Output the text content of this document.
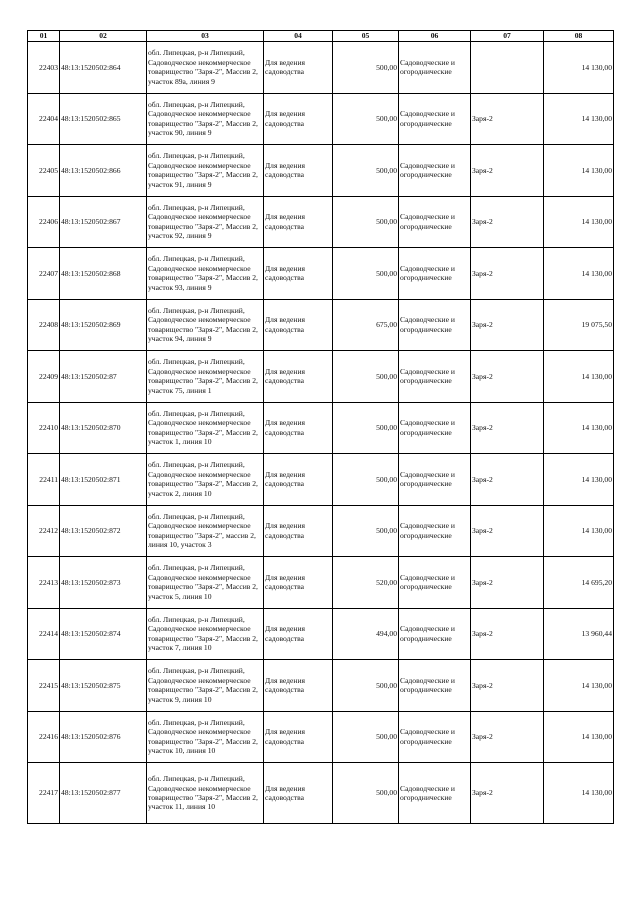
01	02	03	04	05	06	07	08
22403	48:13:1520502:864	обл. Липецкая, р-н Липецкий, Садоводческое некоммерческое товарищество "Заря-2", Массив 2, участок 89а, линия 9	Для ведения садоводства	500,00	Садоводческие и огороднические		14 130,00
22404	48:13:1520502:865	обл. Липецкая, р-н Липецкий, Садоводческое некоммерческое товарищество "Заря-2", Массив 2, участок 90, линия 9	Для ведения садоводства	500,00	Садоводческие и огороднические	Заря-2	14 130,00
22405	48:13:1520502:866	обл. Липецкая, р-н Липецкий, Садоводческое некоммерческое товарищество "Заря-2", Массив 2, участок 91, линия 9	Для ведения садоводства	500,00	Садоводческие и огороднические	Заря-2	14 130,00
22406	48:13:1520502:867	обл. Липецкая, р-н Липецкий, Садоводческое некоммерческое товарищество "Заря-2", Массив 2, участок 92, линия 9	Для ведения садоводства	500,00	Садоводческие и огороднические	Заря-2	14 130,00
22407	48:13:1520502:868	обл. Липецкая, р-н Липецкий, Садоводческое некоммерческое товарищество "Заря-2", Массив 2, участок 93, линия 9	Для ведения садоводства	500,00	Садоводческие и огороднические	Заря-2	14 130,00
22408	48:13:1520502:869	обл. Липецкая, р-н Липецкий, Садоводческое некоммерческое товарищество "Заря-2", Массив 2, участок 94, линия 9	Для ведения садоводства	675,00	Садоводческие и огороднические	Заря-2	19 075,50
22409	48:13:1520502:87	обл. Липецкая, р-н Липецкий, Садоводческое некоммерческое товарищество "Заря-2", Массив 2, участок 75, линия 1	Для ведения садоводства	500,00	Садоводческие и огороднические	Заря-2	14 130,00
22410	48:13:1520502:870	обл. Липецкая, р-н Липецкий, Садоводческое некоммерческое товарищество "Заря-2", Массив 2, участок 1, линия 10	Для ведения садоводства	500,00	Садоводческие и огороднические	Заря-2	14 130,00
22411	48:13:1520502:871	обл. Липецкая, р-н Липецкий, Садоводческое некоммерческое товарищество "Заря-2", Массив 2, участок 2, линия 10	Для ведения садоводства	500,00	Садоводческие и огороднические	Заря-2	14 130,00
22412	48:13:1520502:872	обл. Липецкая, р-н Липецкий, Садоводческое некоммерческое товарищество "Заря-2", массив 2, линия 10, участок 3	Для ведения садоводства	500,00	Садоводческие и огороднические	Заря-2	14 130,00
22413	48:13:1520502:873	обл. Липецкая, р-н Липецкий, Садоводческое некоммерческое товарищество "Заря-2", Массив 2, участок 5, линия 10	Для ведения садоводства	520,00	Садоводческие и огороднические	Заря-2	14 695,20
22414	48:13:1520502:874	обл. Липецкая, р-н Липецкий, Садоводческое некоммерческое товарищество "Заря-2", Массив 2, участок 7, линия 10	Для ведения садоводства	494,00	Садоводческие и огороднические	Заря-2	13 960,44
22415	48:13:1520502:875	обл. Липецкая, р-н Липецкий, Садоводческое некоммерческое товарищество "Заря-2", Массив 2, участок 9, линия 10	Для ведения садоводства	500,00	Садоводческие и огороднические	Заря-2	14 130,00
22416	48:13:1520502:876	обл. Липецкая, р-н Липецкий, Садоводческое некоммерческое товарищество "Заря-2", Массив 2, участок 10, линия 10	Для ведения садоводства	500,00	Садоводческие и огороднические	Заря-2	14 130,00
22417	48:13:1520502:877	обл. Липецкая, р-н Липецкий, Садоводческое некоммерческое товарищество "Заря-2", Массив 2, участок 11, линия 10	Для ведения садоводства	500,00	Садоводческие и огороднические	Заря-2	14 130,00
